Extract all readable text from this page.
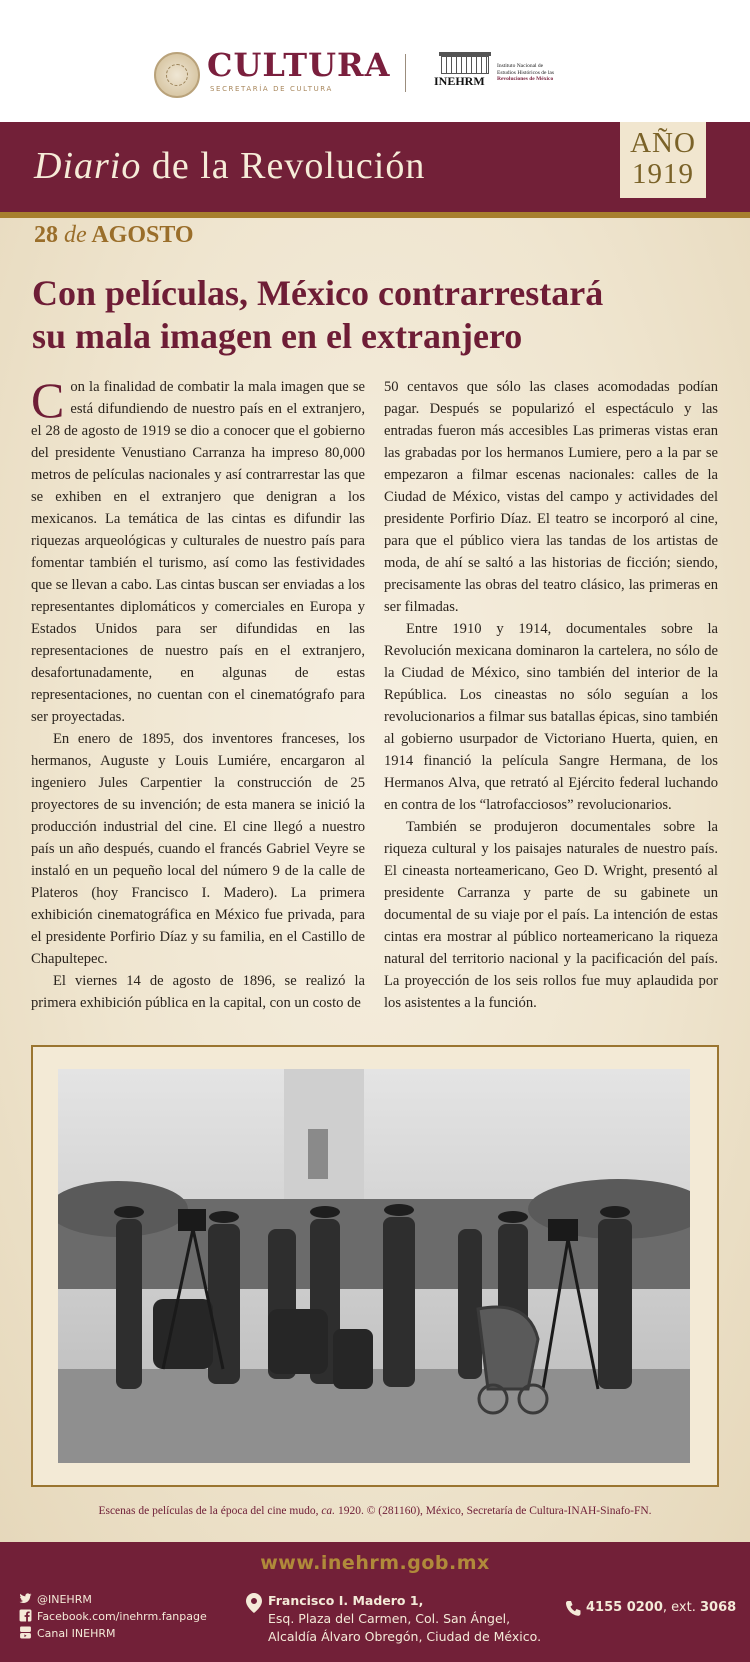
CULTURA
SECRETARÍA DE CULTURA
INEHRM
Instituto Nacional de
Estudios Históricos de las
Revoluciones de México
Diario de la Revolución
AÑO
1919
28 de AGOSTO
Con películas, México contrarrestará
su mala imagen en el extranjero

Con la finalidad de combatir la mala imagen que se está difundiendo de nuestro país en el extranjero, el 28 de agosto de 1919 se dio a conocer que el gobierno del presidente Venustiano Carranza ha impreso 80,000 metros de películas nacionales y así contrarrestar las que se exhiben en el extranjero que denigran a los mexicanos. La temática de las cintas es difundir las riquezas arqueológicas y culturales de nuestro país para fomentar también el turismo, así como las festividades que se llevan a cabo. Las cintas buscan ser enviadas a los representantes diplomáticos y comerciales en Europa y Estados Unidos para ser difundidas en las representaciones de nuestro país en el extranjero, desafortunadamente, en algunas de estas representaciones, no cuentan con el cinematógrafo para ser proyectadas.

En enero de 1895, dos inventores franceses, los hermanos, Auguste y Louis Lumiére, encargaron al ingeniero Jules Carpentier la construcción de 25 proyectores de su invención; de esta manera se inició la producción industrial del cine. El cine llegó a nuestro país un año después, cuando el francés Gabriel Veyre se instaló en un pequeño local del número 9 de la calle de Plateros (hoy Francisco I. Madero). La primera exhibición cinematográfica en México fue privada, para el presidente Porfirio Díaz y su familia, en el Castillo de Chapultepec.

El viernes 14 de agosto de 1896, se realizó la primera exhibición pública en la capital, con un costo de

50 centavos que sólo las clases acomodadas podían pagar. Después se popularizó el espectáculo y las entradas fueron más accesibles Las primeras vistas eran las grabadas por los hermanos Lumiere, pero a la par se empezaron a filmar escenas nacionales: calles de la Ciudad de México, vistas del campo y actividades del presidente Porfirio Díaz. El teatro se incorporó al cine, para que el público viera las tandas de los artistas de moda, de ahí se saltó a las historias de ficción; siendo, precisamente las obras del teatro clásico, las primeras en ser filmadas.

Entre 1910 y 1914, documentales sobre la Revolución mexicana dominaron la cartelera, no sólo de la Ciudad de México, sino también del interior de la República. Los cineastas no sólo seguían a los revolucionarios a filmar sus batallas épicas, sino también al gobierno usurpador de Victoriano Huerta, quien, en 1914 financió la película Sangre Hermana, de los Hermanos Alva, que retrató al Ejército federal luchando en contra de los “latrofacciosos” revolucionarios.

También se produjeron documentales sobre la riqueza cultural y los paisajes naturales de nuestro país. El cineasta norteamericano, Geo D. Wright, presentó al presidente Carranza y parte de su gabinete un documental de su viaje por el país. La intención de estas cintas era mostrar al público norteamericano la riqueza natural del territorio nacional y la pacificación del país. La proyección de los seis rollos fue muy aplaudida por los asistentes a la función.

Escenas de películas de la época del cine mudo, ca. 1920. © (281160), México, Secretaría de Cultura-INAH-Sinafo-FN.
www.inehrm.gob.mx
@INEHRM
Facebook.com/inehrm.fanpage
Canal INEHRM
Francisco I. Madero 1,
Esq. Plaza del Carmen, Col. San Ángel,
Alcaldía Álvaro Obregón, Ciudad de México.
4155 0200, ext. 3068
